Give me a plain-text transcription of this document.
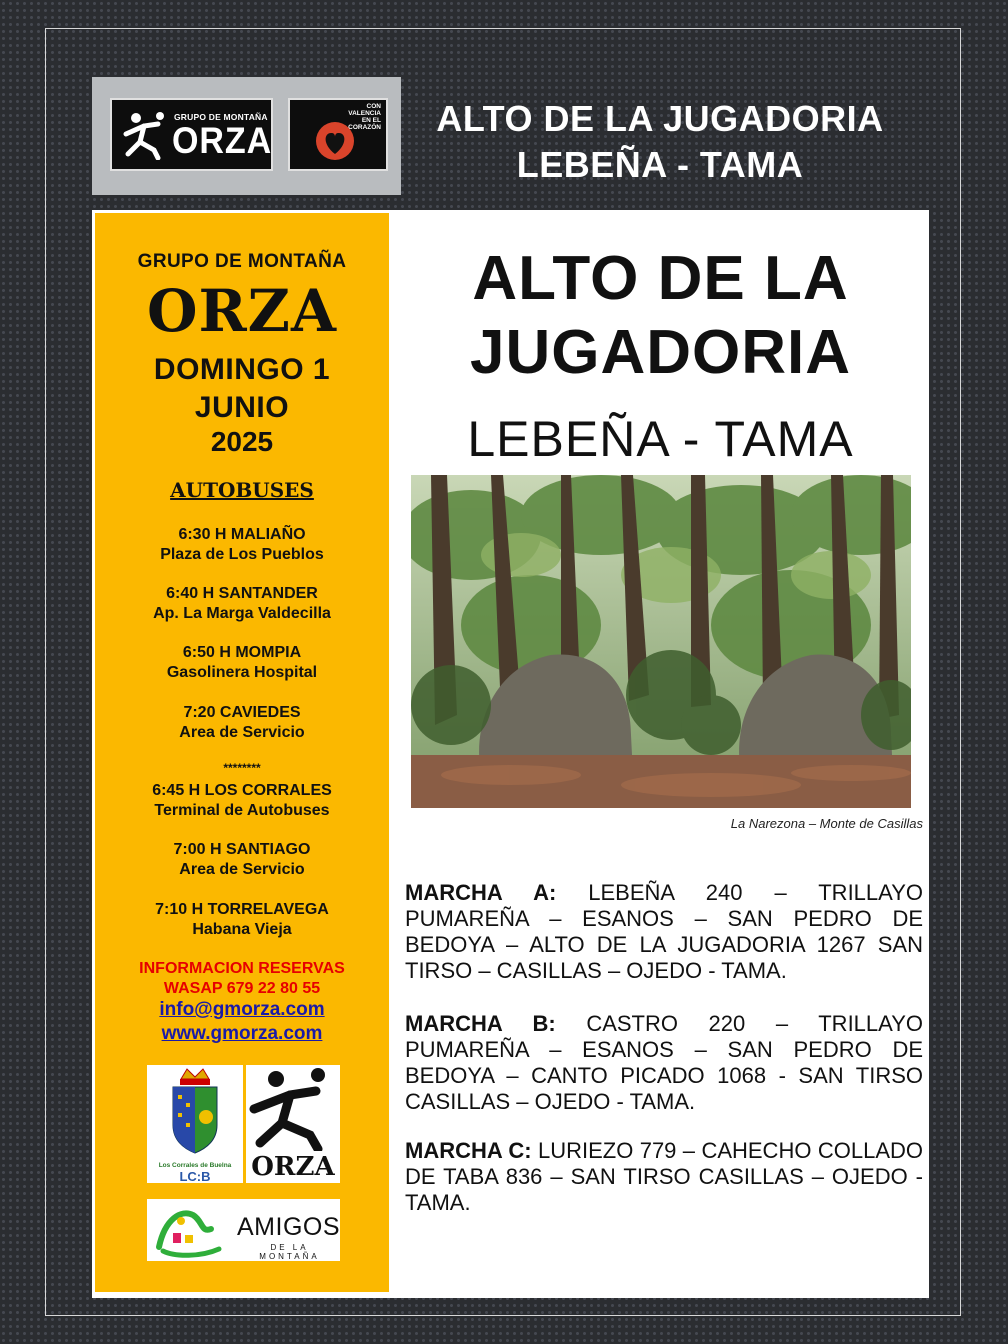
GRUPO DE MONTAÑA
ORZA
CON
VALENCIA
EN EL
CORAZÓN	ALTO DE LA JUGADORIA
LEBEÑA - TAMA
GRUPO DE MONTAÑA
ORZA
DOMINGO 1
JUNIO
2025
AUTOBUSES
6:30 H MALIAÑO
Plaza de Los Pueblos
6:40 H SANTANDER
Ap. La Marga Valdecilla
6:50 H MOMPIA
Gasolinera Hospital
7:20 CAVIEDES
Area de Servicio
********
6:45 H LOS CORRALES
Terminal de Autobuses
7:00 H SANTIAGO
Area de Servicio
7:10 H TORRELAVEGA
Habana Vieja
INFORMACION RESERVAS
WASAP 679 22 80 55
info@gmorza.com
www.gmorza.com
Los Corrales de Buelna
LC:B	ORZA
AMIGOS
DE LA MONTAÑA
ALTO DE LA
JUGADORIA
LEBEÑA - TAMA
La Narezona – Monte de Casillas
MARCHA A: LEBEÑA 240 – TRILLAYO PUMAREÑA – ESANOS – SAN PEDRO DE BEDOYA – ALTO DE LA JUGADORIA 1267 SAN TIRSO – CASILLAS – OJEDO - TAMA.
MARCHA B: CASTRO 220 – TRILLAYO PUMAREÑA – ESANOS – SAN PEDRO DE BEDOYA – CANTO PICADO 1068 - SAN TIRSO CASILLAS – OJEDO - TAMA.
MARCHA C: LURIEZO 779 – CAHECHO COLLADO DE TABA 836 – SAN TIRSO CASILLAS – OJEDO - TAMA.
